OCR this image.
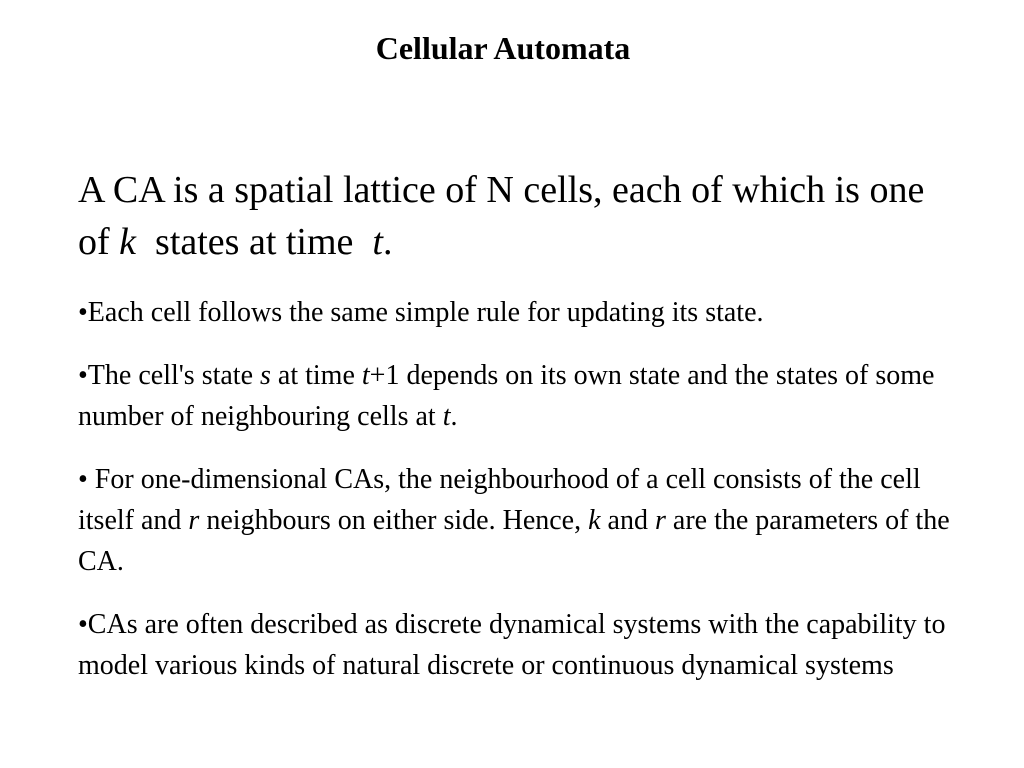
Cellular Automata

A CA is a spatial lattice of N cells, each of which is one of k  states at time  t.

•Each cell follows the same simple rule for updating its state.

•The cell's state s at time t+1 depends on its own state and the states of some number of neighbouring cells at t.

• For one-dimensional CAs, the neighbourhood of a cell consists of the cell itself and r neighbours on either side. Hence, k and r are the parameters of the CA.

•CAs are often described as discrete dynamical systems with the capability to model various kinds of natural discrete or continuous dynamical systems
